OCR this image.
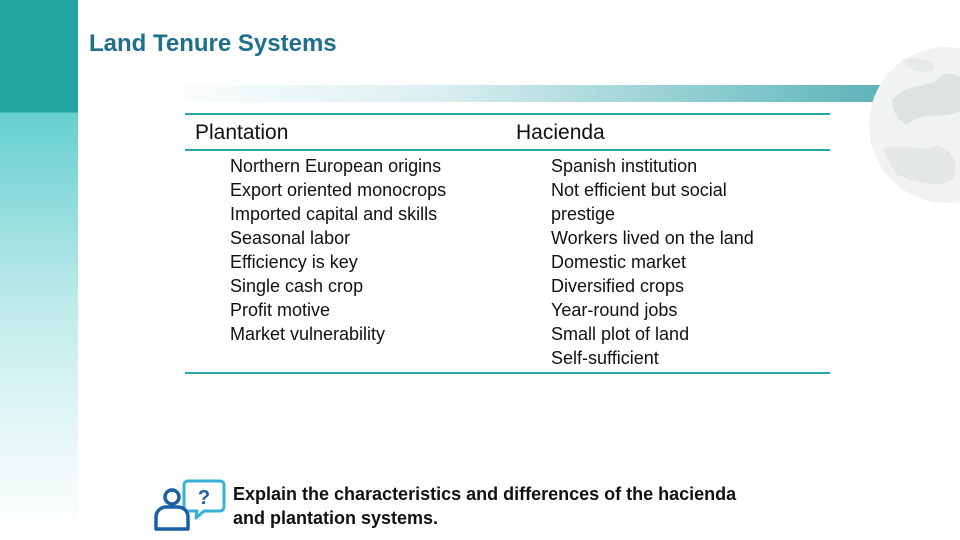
Land Tenure Systems
Plantation	Hacienda
Northern European origins
Export oriented monocrops
Imported capital and skills
Seasonal labor
Efficiency is key
Single cash crop
Profit motive
Market vulnerability
Spanish institution
Not efficient but social
prestige
Workers lived on the land
Domestic market
Diversified crops
Year-round jobs
Small plot of land
Self-sufficient
? Explain the characteristics and differences of the hacienda and plantation systems.
